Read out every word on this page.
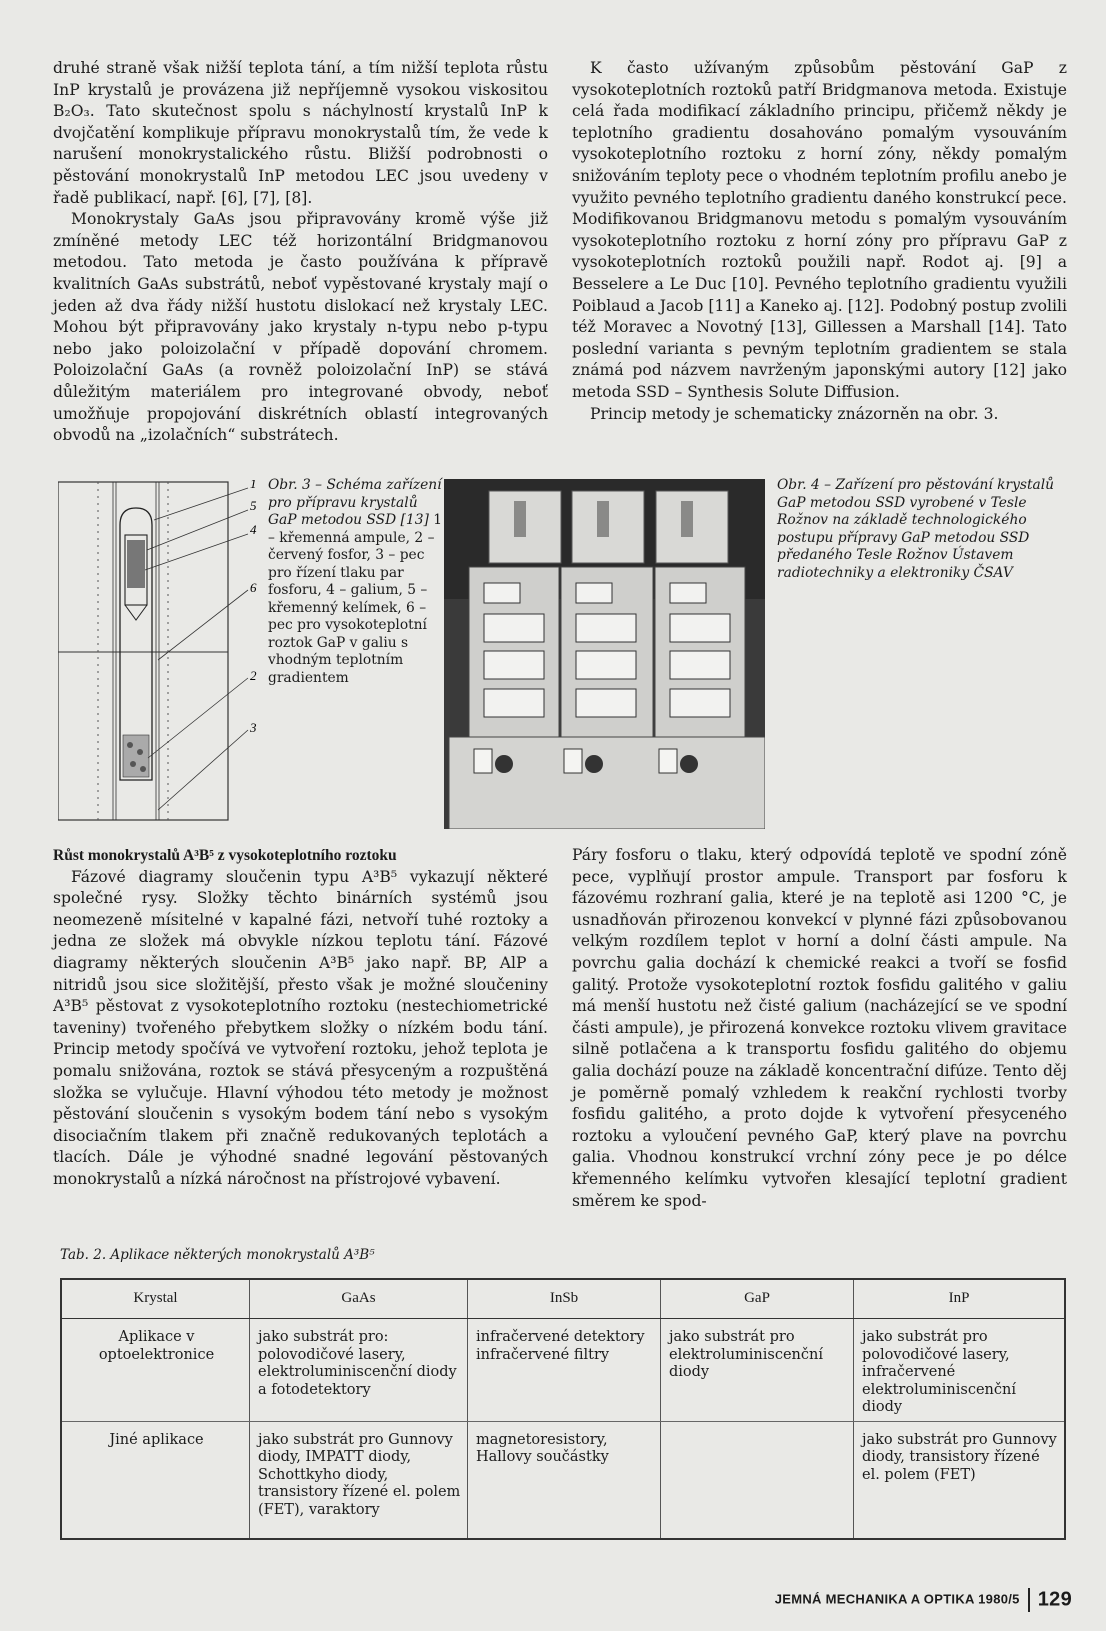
druhé straně však nižší teplota tání, a tím nižší teplota růstu InP krystalů je provázena již nepříjemně vysokou viskositou B₂O₃. Tato skutečnost spolu s náchylností krystalů InP k dvojčatění komplikuje přípravu monokrystalů tím, že vede k narušení monokrystalického růstu. Bližší podrobnosti o pěstování monokrystalů InP metodou LEC jsou uvedeny v řadě publikací, např. [6], [7], [8].

Monokrystaly GaAs jsou připravovány kromě výše již zmíněné metody LEC též horizontální Bridgmanovou metodou. Tato metoda je často používána k přípravě kvalitních GaAs substrátů, neboť vypěstované krystaly mají o jeden až dva řády nižší hustotu dislokací než krystaly LEC. Mohou být připravovány jako krystaly n-typu nebo p-typu nebo jako poloizolační v případě dopování chromem. Poloizolační GaAs (a rovněž poloizolační InP) se stává důležitým materiálem pro integrované obvody, neboť umožňuje propojování diskrétních oblastí integrovaných obvodů na „izolačních“ substrátech.

K často užívaným způsobům pěstování GaP z vysokoteplotních roztoků patří Bridgmanova metoda. Existuje celá řada modifikací základního principu, přičemž někdy je teplotního gradientu dosahováno pomalým vysouváním vysokoteplotního roztoku z horní zóny, někdy pomalým snižováním teploty pece o vhodném teplotním profilu anebo je využito pevného teplotního gradientu daného konstrukcí pece. Modifikovanou Bridgmanovu metodu s pomalým vysouváním vysokoteplotního roztoku z horní zóny pro přípravu GaP z vysokoteplotních roztoků použili např. Rodot aj. [9] a Besselere a Le Duc [10]. Pevného teplotního gradientu využili Poiblaud a Jacob [11] a Kaneko aj. [12]. Podobný postup zvolili též Moravec a Novotný [13], Gillessen a Marshall [14]. Tato poslední varianta s pevným teplotním gradientem se stala známá pod názvem navrženým japonskými autory [12] jako metoda SSD – Synthesis Solute Diffusion.

Princip metody je schematicky znázorněn na obr. 3.

1
5
4
6
2
3
Obr. 3 – Schéma zařízení pro přípravu krystalů GaP metodou SSD [13] 1 – křemenná ampule, 2 – červený fosfor, 3 – pec pro řízení tlaku par fosforu, 4 – galium, 5 – křemenný kelímek, 6 – pec pro vysokoteplotní roztok GaP v galiu s vhodným teplotním gradientem
Obr. 4 – Zařízení pro pěstování krystalů GaP metodou SSD vyrobené v Tesle Rožnov na základě technologického postupu přípravy GaP metodou SSD předaného Tesle Rožnov Ústavem radiotechniky a elektroniky ČSAV

Růst monokrystalů A³B⁵ z vysokoteplotního roztoku

Fázové diagramy sloučenin typu A³B⁵ vykazují některé společné rysy. Složky těchto binárních systémů jsou neomezeně mísitelné v kapalné fázi, netvoří tuhé roztoky a jedna ze složek má obvykle nízkou teplotu tání. Fázové diagramy některých sloučenin A³B⁵ jako např. BP, AlP a nitridů jsou sice složitější, přesto však je možné sloučeniny A³B⁵ pěstovat z vysokoteplotního roztoku (nestechiometrické taveniny) tvořeného přebytkem složky o nízkém bodu tání. Princip metody spočívá ve vytvoření roztoku, jehož teplota je pomalu snižována, roztok se stává přesyceným a rozpuštěná složka se vylučuje. Hlavní výhodou této metody je možnost pěstování sloučenin s vysokým bodem tání nebo s vysokým disociačním tlakem při značně redukovaných teplotách a tlacích. Dále je výhodné snadné legování pěstovaných monokrystalů a nízká náročnost na přístrojové vybavení.

Páry fosforu o tlaku, který odpovídá teplotě ve spodní zóně pece, vyplňují prostor ampule. Transport par fosforu k fázovému rozhraní galia, které je na teplotě asi 1200 °C, je usnadňován přirozenou konvekcí v plynné fázi způsobovanou velkým rozdílem teplot v horní a dolní části ampule. Na povrchu galia dochází k chemické reakci a tvoří se fosfid galitý. Protože vysokoteplotní roztok fosfidu galitého v galiu má menší hustotu než čisté galium (nacházející se ve spodní části ampule), je přirozená konvekce roztoku vlivem gravitace silně potlačena a k transportu fosfidu galitého do objemu galia dochází pouze na základě koncentrační difúze. Tento děj je poměrně pomalý vzhledem k reakční rychlosti tvorby fosfidu galitého, a proto dojde k vytvoření přesyceného roztoku a vyloučení pevného GaP, který plave na povrchu galia. Vhodnou konstrukcí vrchní zóny pece je po délce křemenného kelímku vytvořen klesající teplotní gradient směrem ke spod-

Tab. 2. Aplikace některých monokrystalů A³B⁵
Krystal	GaAs	InSb	GaP	InP
Aplikace v optoelektronice	jako substrát pro: polovodičové lasery, elektroluminiscenční diody a fotodetektory	infračervené detektory infračervené filtry	jako substrát pro elektroluminiscenční diody	jako substrát pro polovodičové lasery, infračervené elektroluminiscenční diody
Jiné aplikace	jako substrát pro Gunnovy diody, IMPATT diody, Schottkyho diody, transistory řízené el. polem (FET), varaktory	magnetoresistory, Hallovy součástky		jako substrát pro Gunnovy diody, transistory řízené el. polem (FET)
JEMNÁ MECHANIKA A OPTIKA 1980/5 129
